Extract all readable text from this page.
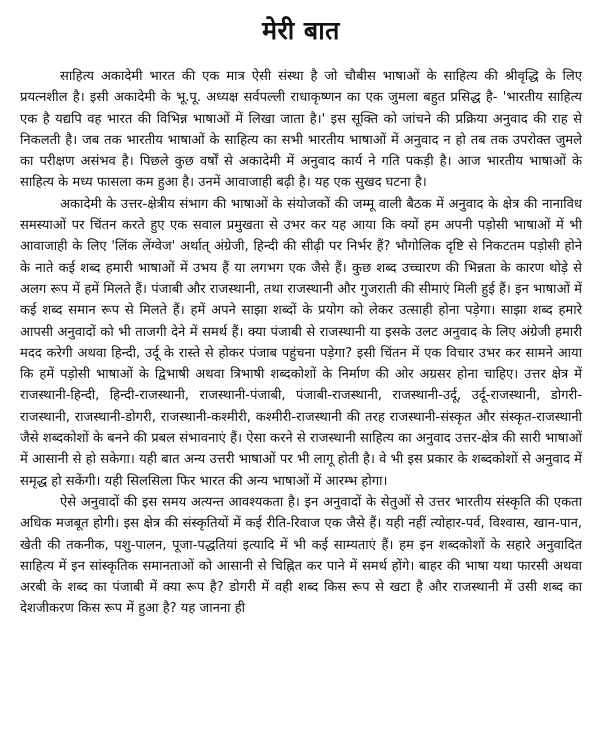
मेरी बात

साहित्य अकादेमी भारत की एक मात्र ऐसी संस्था है जो चौबीस भाषाओं के साहित्य की श्रीवृद्धि के लिए प्रयत्नशील है। इसी अकादेमी के भू.पू. अध्यक्ष सर्वपल्ली राधाकृष्णन का एक जुमला बहुत प्रसिद्ध है- 'भारतीय साहित्य एक है यद्यपि वह भारत की विभिन्न भाषाओं में लिखा जाता है।' इस सूक्ति को जांचने की प्रक्रिया अनुवाद की राह से निकलती है। जब तक भारतीय भाषाओं के साहित्य का सभी भारतीय भाषाओं में अनुवाद न हो तब तक उपरोक्त जुमले का परीक्षण असंभव है। पिछले कुछ वर्षों से अकादेमी में अनुवाद कार्य ने गति पकड़ी है। आज भारतीय भाषाओं के साहित्य के मध्य फासला कम हुआ है। उनमें आवाजाही बढ़ी है। यह एक सुखद घटना है।

अकादेमी के उत्तर-क्षेत्रीय संभाग की भाषाओं के संयोजकों की जम्मू वाली बैठक में अनुवाद के क्षेत्र की नानाविध समस्याओं पर चिंतन करते हुए एक सवाल प्रमुखता से उभर कर यह आया कि क्यों हम अपनी पड़ोसी भाषाओं में भी आवाजाही के लिए 'लिंक लेंग्वेज' अर्थात् अंग्रेजी, हिन्दी की सीढ़ी पर निर्भर हैं? भौगोलिक दृष्टि से निकटतम पड़ोसी होने के नाते कई शब्द हमारी भाषाओं में उभय हैं या लगभग एक जैसे हैं। कुछ शब्द उच्चारण की भिन्नता के कारण थोड़े से अलग रूप में हमें मिलते हैं। पंजाबी और राजस्थानी, तथा राजस्थानी और गुजराती की सीमाएं मिली हुई हैं। इन भाषाओं में कई शब्द समान रूप से मिलते हैं। हमें अपने साझा शब्दों के प्रयोग को लेकर उत्साही होना पड़ेगा। साझा शब्द हमारे आपसी अनुवादों को भी ताजगी देने में समर्थ हैं। क्या पंजाबी से राजस्थानी या इसके उलट अनुवाद के लिए अंग्रेजी हमारी मदद करेगी अथवा हिन्दी, उर्दू के रास्ते से होकर पंजाब पहुंचना पड़ेगा? इसी चिंतन में एक विचार उभर कर सामने आया कि हमें पड़ोसी भाषाओं के द्विभाषी अथवा त्रिभाषी शब्दकोशों के निर्माण की ओर अग्रसर होना चाहिए। उत्तर क्षेत्र में राजस्थानी-हिन्दी, हिन्दी-राजस्थानी, राजस्थानी-पंजाबी, पंजाबी-राजस्थानी, राजस्थानी-उर्दू, उर्दू-राजस्थानी, डोगरी-राजस्थानी, राजस्थानी-डोगरी, राजस्थानी-कश्मीरी, कश्मीरी-राजस्थानी की तरह राजस्थानी-संस्कृत और संस्कृत-राजस्थानी जैसे शब्दकोशों के बनने की प्रबल संभावनाएं हैं। ऐसा करने से राजस्थानी साहित्य का अनुवाद उत्तर-क्षेत्र की सारी भाषाओं में आसानी से हो सकेगा। यही बात अन्य उत्तरी भाषाओं पर भी लागू होती है। वे भी इस प्रकार के शब्दकोशों से अनुवाद में समृद्ध हो सकेंगी। यही सिलसिला फिर भारत की अन्य भाषाओं में आरम्भ होगा।

ऐसे अनुवादों की इस समय अत्यन्त आवश्यकता है। इन अनुवादों के सेतुओं से उत्तर भारतीय संस्कृति की एकता अधिक मजबूत होगी। इस क्षेत्र की संस्कृतियों में कई रीति-रिवाज एक जैसे हैं। यही नहीं त्योहार-पर्व, विश्वास, खान-पान, खेती की तकनीक, पशु-पालन, पूजा-पद्धतियां इत्यादि में भी कई साम्यताएं हैं। हम इन शब्दकोशों के सहारे अनुवादित साहित्य में इन सांस्कृतिक समानताओं को आसानी से चिह्नित कर पाने में समर्थ होंगे। बाहर की भाषा यथा फारसी अथवा अरबी के शब्द का पंजाबी में क्या रूप है? डोगरी में वही शब्द किस रूप से खटा है और राजस्थानी में उसी शब्द का देशजीकरण किस रूप में हुआ है? यह जानना ही
